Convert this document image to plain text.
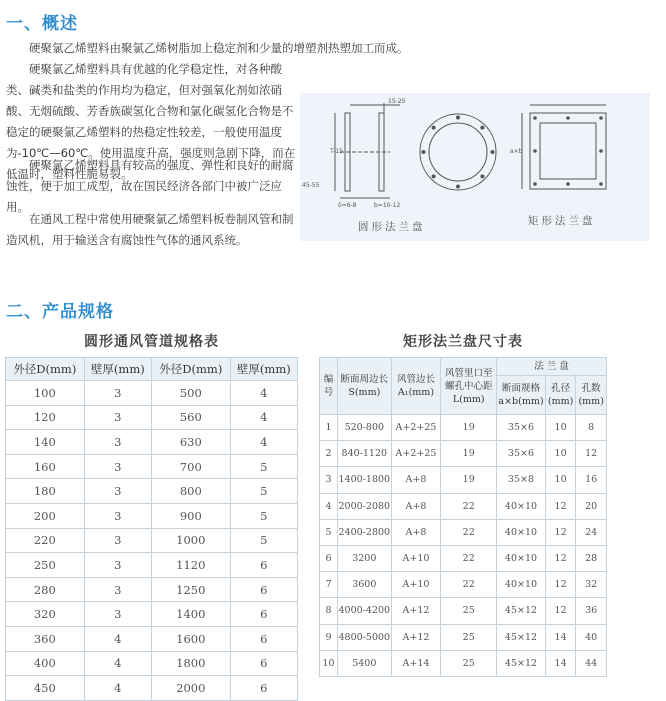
一、概述

硬聚氯乙烯塑料由聚氯乙烯树脂加上稳定剂和少量的增塑剂热塑加工而成。

硬聚氯乙烯塑料具有优越的化学稳定性，对各种酸类、碱类和盐类的作用均为稳定，但对强氧化剂如浓硝酸、无烟硫酸、芳香族碳氢化合物和氯化碳氢化合物是不稳定的硬聚氯乙烯塑料的热稳定性较差，一般使用温度为-10℃—60℃。使用温度升高，强度则急剧下降，而在低温时，塑料性脆易裂。

硬聚氯乙烯塑料具有较高的强度、弹性和良好的耐腐蚀性，便于加工成型，故在国民经济各部门中被广泛应用。

在通风工程中常使用硬聚氯乙烯塑料板卷制风管和制造风机，用于输送含有腐蚀性气体的通风系统。

15-25
T-15
45-55
δ=6-8	b=10-12
a×b
圆形法兰盘	矩形法兰盘
二、产品规格
圆形通风管道规格表	矩形法兰盘尺寸表
外径D(mm)	壁厚(mm)	外径D(mm)	壁厚(mm)
100	3	500	4
120	3	560	4
140	3	630	4
160	3	700	5
180	3	800	5
200	3	900	5
220	3	1000	5
250	3	1120	6
280	3	1250	6
320	3	1400	6
360	4	1600	6
400	4	1800	6
450	4	2000	6
编号	断面周边长S(mm)	风管边长A₁(mm)	风管里口至螺孔中心距L(mm)	法 兰 盘		
				断面规格a×b(mm)	孔径(mm)	孔数(mm)
1	520-800	A+2+25	19	35×6	10	8
2	840-1120	A+2+25	19	35×6	10	12
3	1400-1800	A+8	19	35×8	10	16
4	2000-2080	A+8	22	40×10	12	20
5	2400-2800	A+8	22	40×10	12	24
6	3200	A+10	22	40×10	12	28
7	3600	A+10	22	40×10	12	32
8	4000-4200	A+12	25	45×12	12	36
9	4800-5000	A+12	25	45×12	14	40
10	5400	A+14	25	45×12	14	44
